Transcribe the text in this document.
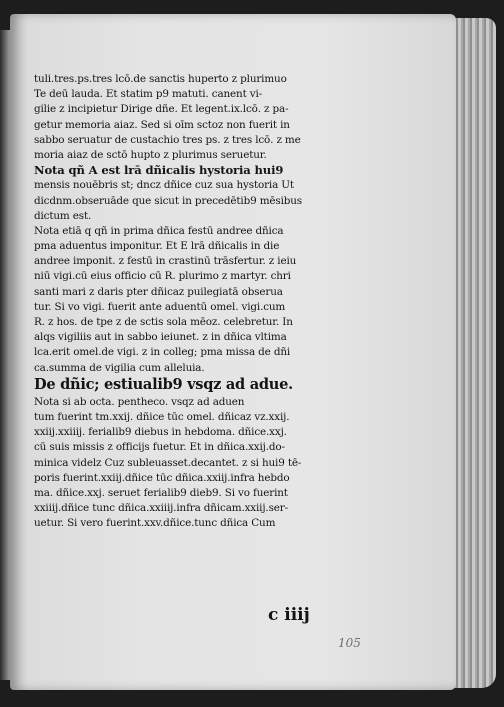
tuli.tres.ps.tres lcō.de sanctis huperto z plurimuo
Te deū lauda. Et statim p9 matuti. canent vi-
gilie z incipietur Dirige dñe. Et legent.ix.lcō. z pa-
getur memoria aiaz. Sed si oīm sctoz non fuerit in
sabbo seruatur de custachio tres ps. z tres lcō. z me
moria aiaz de sctō hupto z plurimus seruetur.
Nota qñ A est lrā dñicalis hystoria hui9
mensis nouēbris st; dncz dñice cuz sua hystoria Ut
dicdnm.obseruāde que sicut in precedētib9 mēsibus
dictum est.
Nota etiā q qñ in prima dñica festū andree dñica
pma aduentus imponitur. Et E lrā dñicalis in die
andree imponit. z festū in crastinū trāsfertur. z ieiu
niū vigi.cū eius officio cū R. plurimo z martyr. chri
santi mari z daris pter dñicaz puilegiatā obserua
tur. Si vo vigi. fuerit ante aduentū omel. vigi.cum
R. z hos. de tpe z de sctis sola mēoz. celebretur. In
alqs vigiliis aut in sabbo ieiunet. z in dñica vltima
lca.erit omel.de vigi. z in colleg; pma missa de dñi
ca.summa de vigilia cum alleluia.
De dñic; estiualib9 vsqz ad adue.
Nota si ab octa. pentheco. vsqz ad aduen
tum fuerint tm.xxij. dñice tūc omel. dñicaz vz.xxij.
xxiij.xxiiij. ferialib9 diebus in hebdoma. dñice.xxj.
cū suis missis z officijs fuetur. Et in dñica.xxij.do-
minica videlz Cuz subleuasset.decantet. z si hui9 tē-
poris fuerint.xxiij.dñice tūc dñica.xxiij.infra hebdo
ma. dñice.xxj. seruet ferialib9 dieb9. Si vo fuerint
xxiiij.dñice tunc dñica.xxiiij.infra dñicam.xxiij.ser-
uetur. Si vero fuerint.xxv.dñice.tunc dñica Cum
c iiij
105
